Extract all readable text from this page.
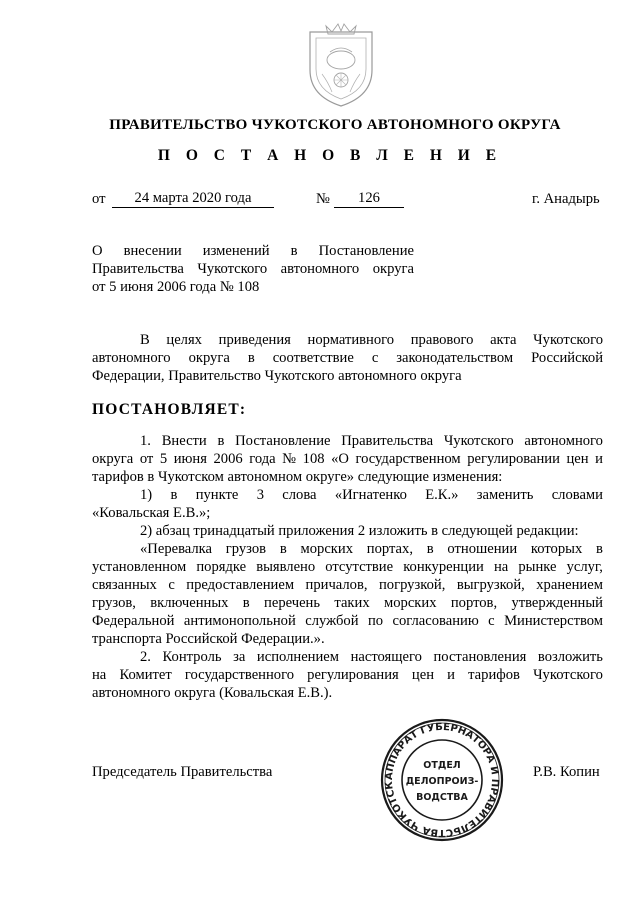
ПРАВИТЕЛЬСТВО ЧУКОТСКОГО АВТОНОМНОГО ОКРУГА
П О С Т А Н О В Л Е Н И Е
от	24 марта 2020 года	№	126	г. Анадырь
О внесении изменений в Постановление
Правительства Чукотского автономного округа
от 5 июня 2006 года № 108
В целях приведения нормативного правового акта Чукотского
автономного округа в соответствие с законодательством Российской
Федерации, Правительство Чукотского автономного округа
ПОСТАНОВЛЯЕТ:
1. Внести в Постановление Правительства Чукотского автономного
округа от 5 июня 2006 года № 108 «О государственном регулировании цен и
тарифов в Чукотском автономном округе» следующие изменения:
1) в пункте 3 слова «Игнатенко Е.К.» заменить словами
«Ковальская Е.В.»;
2) абзац тринадцатый приложения 2 изложить в следующей редакции:
«Перевалка грузов в морских портах, в отношении которых в
установленном порядке выявлено отсутствие конкуренции на рынке услуг,
связанных с предоставлением причалов, погрузкой, выгрузкой, хранением
грузов, включенных в перечень таких морских портов, утвержденный
Федеральной антимонопольной службой по согласованию с Министерством
транспорта Российской Федерации.».
2. Контроль за исполнением настоящего постановления возложить
на Комитет государственного регулирования цен и тарифов Чукотского
автономного округа (Ковальская Е.В.).
Председатель Правительства	Р.В. Копин
АППАРАТ ГУБЕРНАТОРА И ПРАВИТЕЛЬСТВА ЧУКОТСК
ОТДЕЛ
ДЕЛОПРОИЗ-
ВОДСТВА
